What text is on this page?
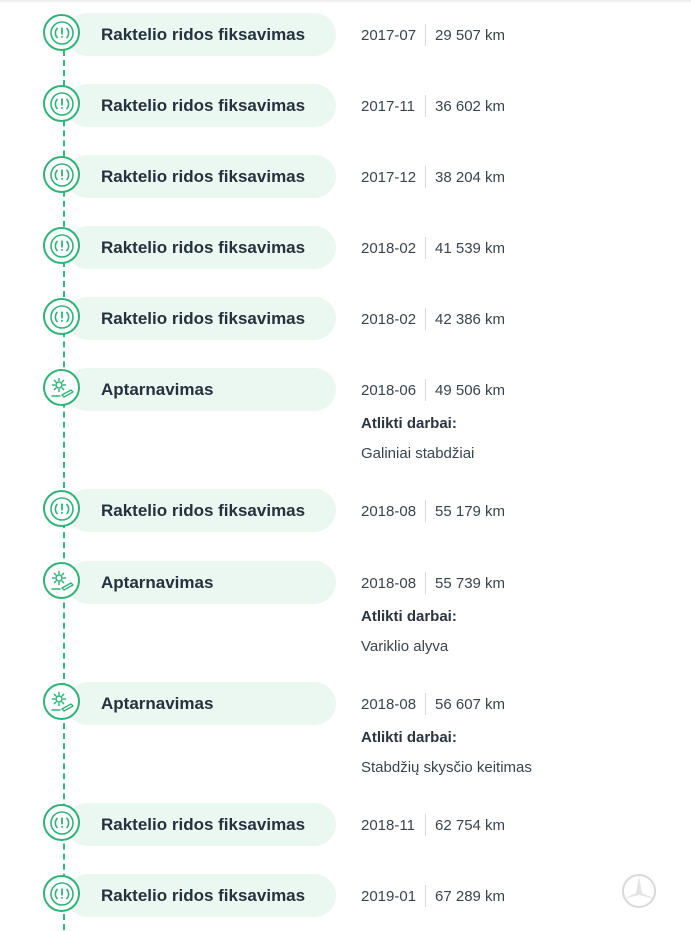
Raktelio ridos fiksavimas	2017-07 29 507 km
Raktelio ridos fiksavimas	2017-11 36 602 km
Raktelio ridos fiksavimas	2017-12 38 204 km
Raktelio ridos fiksavimas	2018-02 41 539 km
Raktelio ridos fiksavimas	2018-02 42 386 km
Aptarnavimas	2018-06 49 506 km
Atlikti darbai:
Galiniai stabdžiai
Raktelio ridos fiksavimas	2018-08 55 179 km
Aptarnavimas	2018-08 55 739 km
Atlikti darbai:
Variklio alyva
Aptarnavimas	2018-08 56 607 km
Atlikti darbai:
Stabdžių skysčio keitimas
Raktelio ridos fiksavimas	2018-11 62 754 km
Raktelio ridos fiksavimas	2019-01 67 289 km
